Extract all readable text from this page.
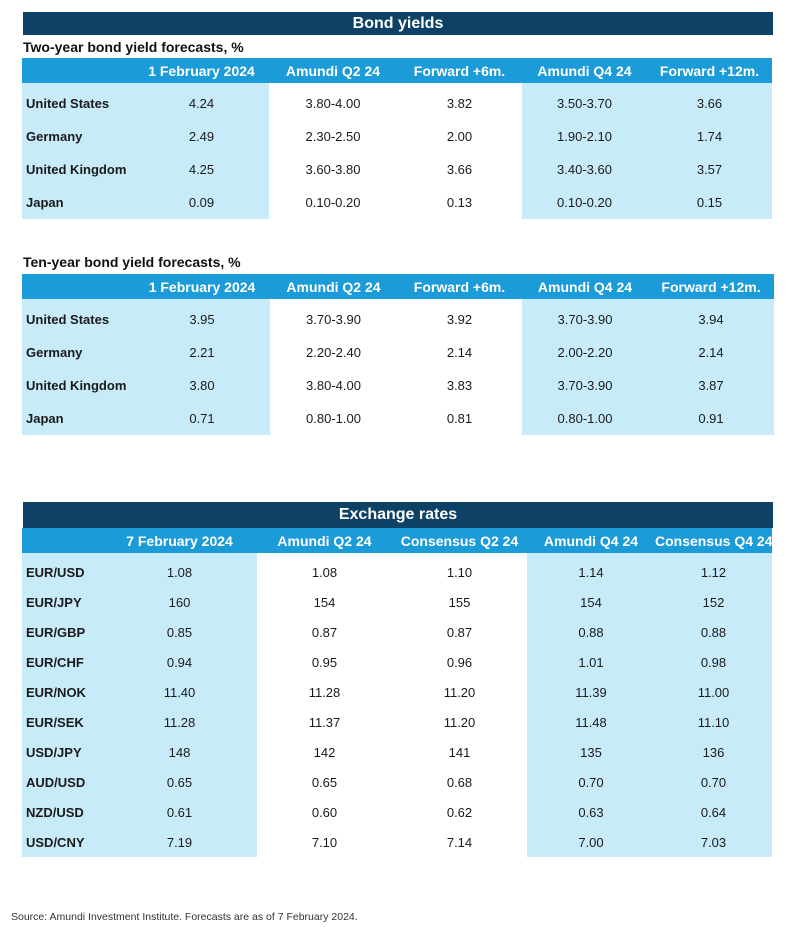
Bond yields
Two-year bond yield forecasts, %
	1 February 2024	Amundi Q2 24	Forward +6m.	Amundi Q4 24	Forward +12m.
United States	4.24	3.80-4.00	3.82	3.50-3.70	3.66
Germany	2.49	2.30-2.50	2.00	1.90-2.10	1.74
United Kingdom	4.25	3.60-3.80	3.66	3.40-3.60	3.57
Japan	0.09	0.10-0.20	0.13	0.10-0.20	0.15
Ten-year bond yield forecasts, %
	1 February 2024	Amundi Q2 24	Forward +6m.	Amundi Q4 24	Forward +12m.
United States	3.95	3.70-3.90	3.92	3.70-3.90	3.94
Germany	2.21	2.20-2.40	2.14	2.00-2.20	2.14
United Kingdom	3.80	3.80-4.00	3.83	3.70-3.90	3.87
Japan	0.71	0.80-1.00	0.81	0.80-1.00	0.91
Exchange rates
	7 February 2024	Amundi Q2 24	Consensus Q2 24	Amundi Q4 24	Consensus Q4 24
EUR/USD	1.08	1.08	1.10	1.14	1.12
EUR/JPY	160	154	155	154	152
EUR/GBP	0.85	0.87	0.87	0.88	0.88
EUR/CHF	0.94	0.95	0.96	1.01	0.98
EUR/NOK	11.40	11.28	11.20	11.39	11.00
EUR/SEK	11.28	11.37	11.20	11.48	11.10
USD/JPY	148	142	141	135	136
AUD/USD	0.65	0.65	0.68	0.70	0.70
NZD/USD	0.61	0.60	0.62	0.63	0.64
USD/CNY	7.19	7.10	7.14	7.00	7.03
Source: Amundi Investment Institute. Forecasts are as of 7 February 2024.
